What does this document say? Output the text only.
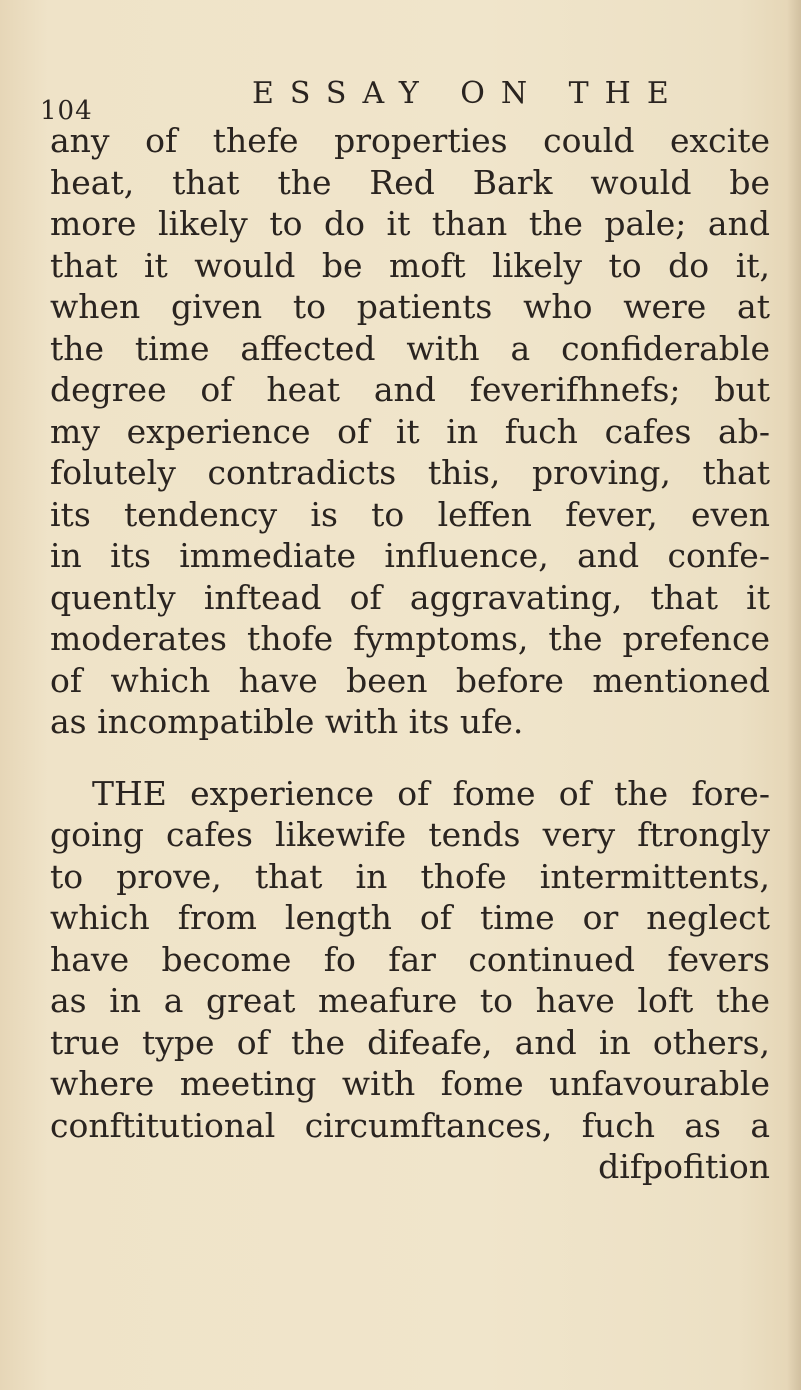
104	ESSAY ON THE
any of thefe properties could excite
heat, that the Red Bark would be
more likely to do it than the pale; and
that it would be moft likely to do it,
when given to patients who were at
the time affected with a confiderable
degree of heat and feverifhnefs; but
my experience of it in fuch cafes ab-
folutely contradicts this, proving, that
its tendency is to leffen fever, even
in its immediate influence, and confe-
quently inftead of aggravating, that it
moderates thofe fymptoms, the prefence
of which have been before mentioned
as incompatible with its ufe.
THE experience of fome of the fore-
going cafes likewife tends very ftrongly
to prove, that in thofe intermittents,
which from length of time or neglect
have become fo far continued fevers
as in a great meafure to have loft the
true type of the difeafe, and in others,
where meeting with fome unfavourable
conftitutional circumftances, fuch as a
difpofition
